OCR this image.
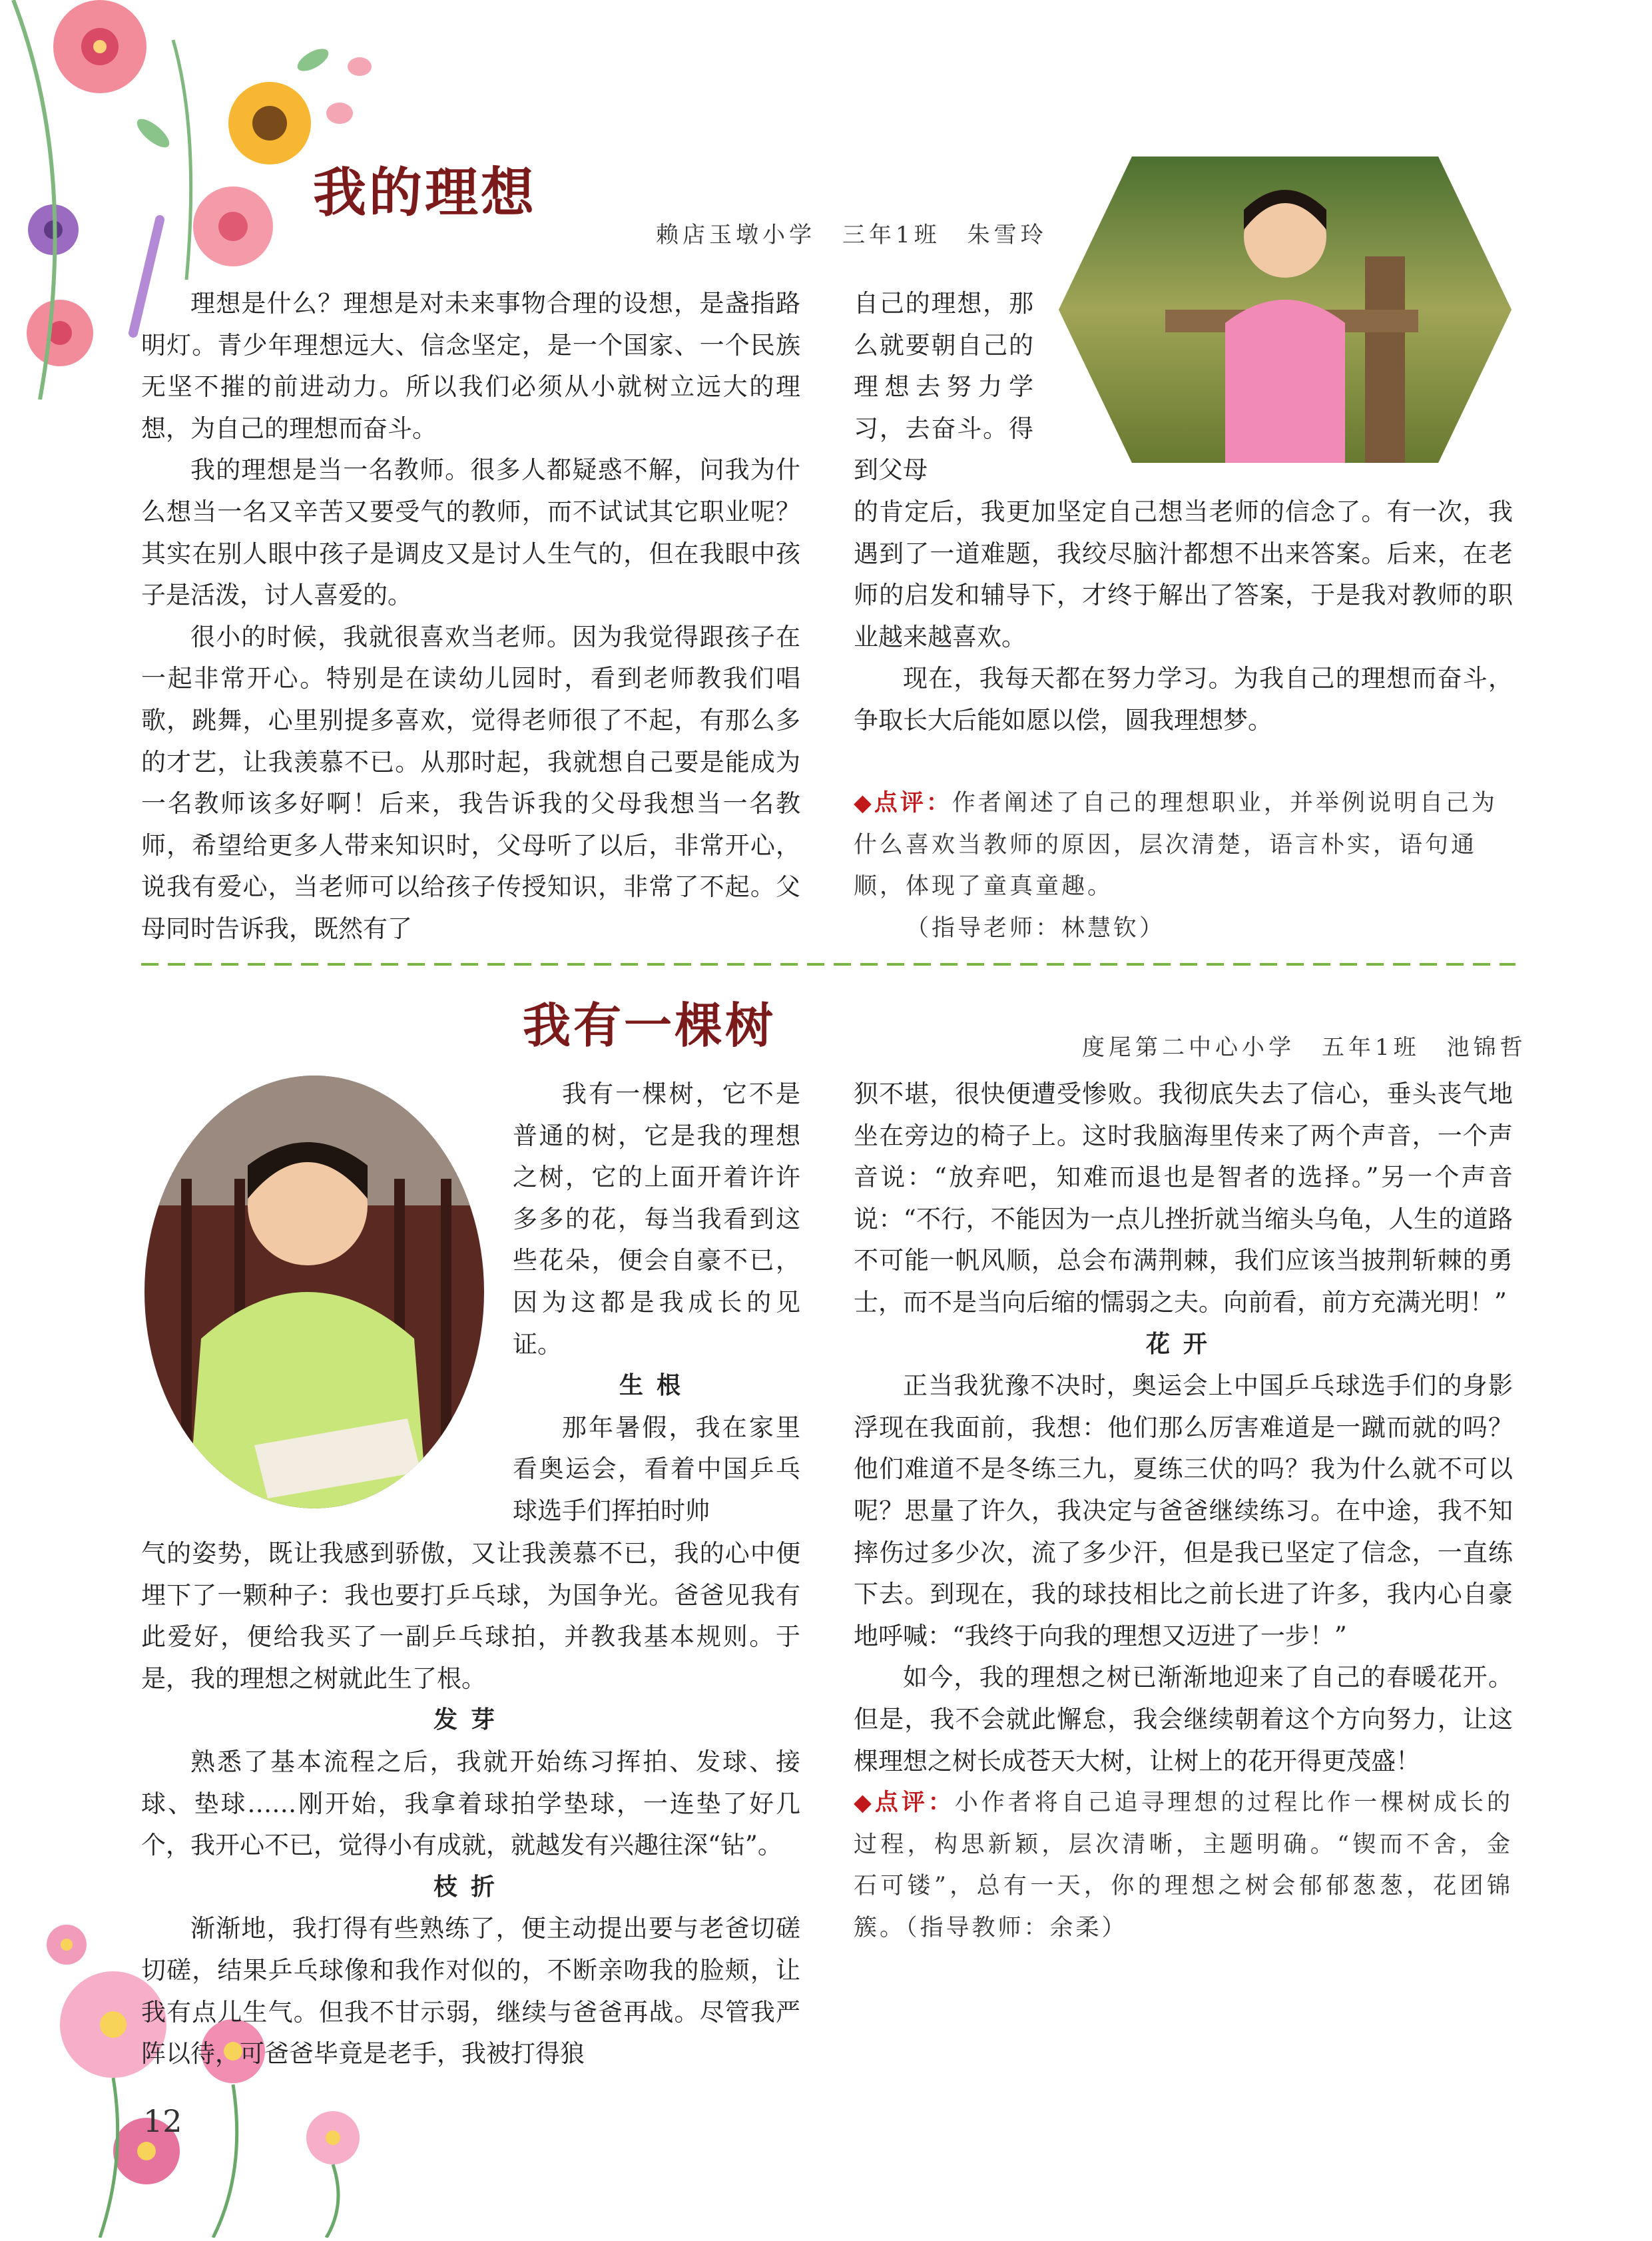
我的理想
赖店玉墩小学　三年1班　朱雪玲

理想是什么？理想是对未来事物合理的设想，是盏指路明灯。青少年理想远大、信念坚定，是一个国家、一个民族无坚不摧的前进动力。所以我们必须从小就树立远大的理想，为自己的理想而奋斗。

我的理想是当一名教师。很多人都疑惑不解，问我为什么想当一名又辛苦又要受气的教师，而不试试其它职业呢？其实在别人眼中孩子是调皮又是讨人生气的，但在我眼中孩子是活泼，讨人喜爱的。

很小的时候，我就很喜欢当老师。因为我觉得跟孩子在一起非常开心。特别是在读幼儿园时，看到老师教我们唱歌，跳舞，心里别提多喜欢，觉得老师很了不起，有那么多的才艺，让我羡慕不已。从那时起，我就想自己要是能成为一名教师该多好啊！后来，我告诉我的父母我想当一名教师，希望给更多人带来知识时，父母听了以后，非常开心，说我有爱心，当老师可以给孩子传授知识，非常了不起。父母同时告诉我，既然有了

自己的理想，那么就要朝自己的理想去努力学习，去奋斗。得到父母

的肯定后，我更加坚定自己想当老师的信念了。有一次，我遇到了一道难题，我绞尽脑汁都想不出来答案。后来，在老师的启发和辅导下，才终于解出了答案，于是我对教师的职业越来越喜欢。

现在，我每天都在努力学习。为我自己的理想而奋斗，争取长大后能如愿以偿，圆我理想梦。

◆点评：作者阐述了自己的理想职业，并举例说明自己为什么喜欢当教师的原因，层次清楚，语言朴实，语句通顺，体现了童真童趣。
（指导老师：林慧钦）
我有一棵树	度尾第二中心小学　五年1班　池锦哲

我有一棵树，它不是普通的树，它是我的理想之树，它的上面开着许许多多的花，每当我看到这些花朵，便会自豪不已，因为这都是我成长的见证。

生根

那年暑假，我在家里看奥运会，看着中国乒乓球选手们挥拍时帅

气的姿势，既让我感到骄傲，又让我羡慕不已，我的心中便埋下了一颗种子：我也要打乒乓球，为国争光。爸爸见我有此爱好，便给我买了一副乒乓球拍，并教我基本规则。于是，我的理想之树就此生了根。

发芽

熟悉了基本流程之后，我就开始练习挥拍、发球、接球、垫球……刚开始，我拿着球拍学垫球，一连垫了好几个，我开心不已，觉得小有成就，就越发有兴趣往深“钻”。

枝折

渐渐地，我打得有些熟练了，便主动提出要与老爸切磋切磋，结果乒乓球像和我作对似的，不断亲吻我的脸颊，让我有点儿生气。但我不甘示弱，继续与爸爸再战。尽管我严阵以待，可爸爸毕竟是老手，我被打得狼

狈不堪，很快便遭受惨败。我彻底失去了信心，垂头丧气地坐在旁边的椅子上。这时我脑海里传来了两个声音，一个声音说：“放弃吧，知难而退也是智者的选择。”另一个声音说：“不行，不能因为一点儿挫折就当缩头乌龟，人生的道路不可能一帆风顺，总会布满荆棘，我们应该当披荆斩棘的勇士，而不是当向后缩的懦弱之夫。向前看，前方充满光明！”

花开

正当我犹豫不决时，奥运会上中国乒乓球选手们的身影浮现在我面前，我想：他们那么厉害难道是一蹴而就的吗？他们难道不是冬练三九，夏练三伏的吗？我为什么就不可以呢？思量了许久，我决定与爸爸继续练习。在中途，我不知摔伤过多少次，流了多少汗，但是我已坚定了信念，一直练下去。到现在，我的球技相比之前长进了许多，我内心自豪地呼喊：“我终于向我的理想又迈进了一步！”

如今，我的理想之树已渐渐地迎来了自己的春暖花开。但是，我不会就此懈怠，我会继续朝着这个方向努力，让这棵理想之树长成苍天大树，让树上的花开得更茂盛！

◆点评：小作者将自己追寻理想的过程比作一棵树成长的过程，构思新颖，层次清晰，主题明确。“锲而不舍，金石可镂”，总有一天，你的理想之树会郁郁葱葱，花团锦簇。（指导教师：余柔）
12
